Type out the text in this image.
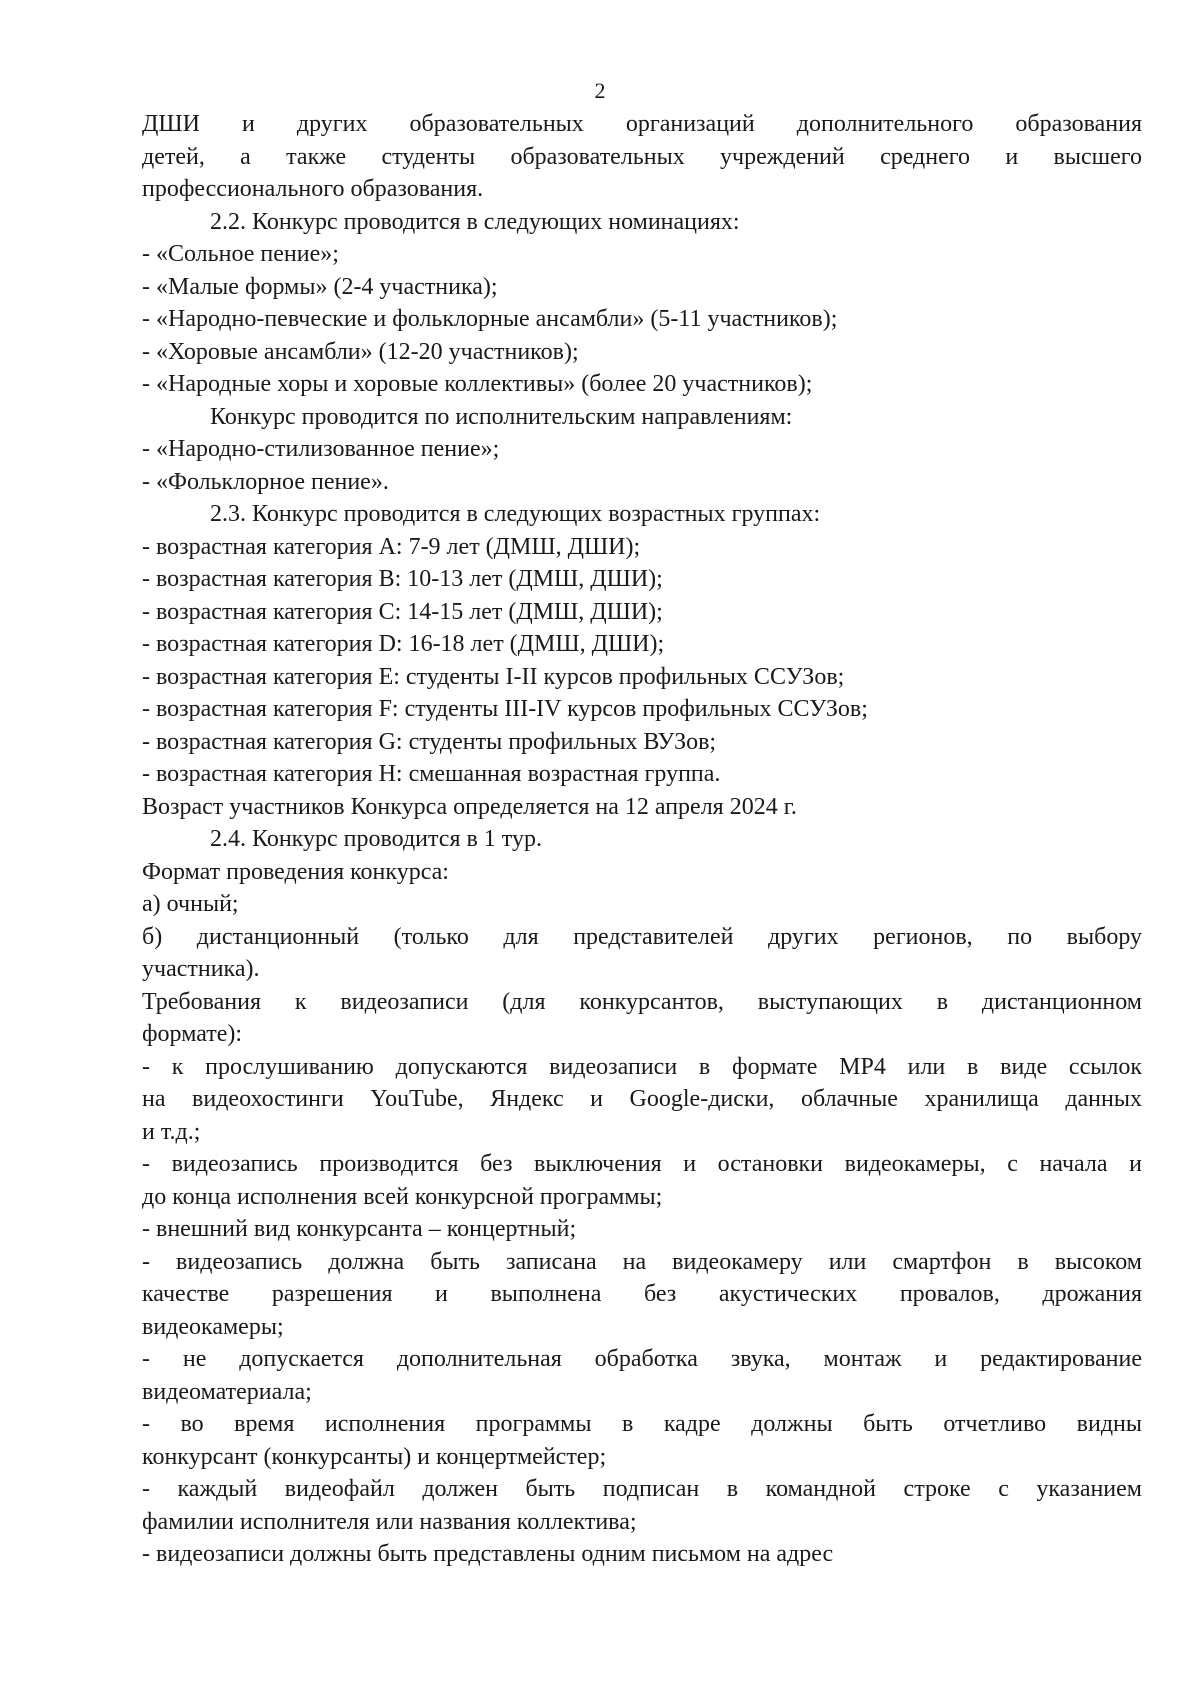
2
ДШИ и других образовательных организаций дополнительного образования
детей, а также студенты образовательных учреждений среднего и высшего
профессионального образования.
2.2. Конкурс проводится в следующих номинациях:
- «Сольное пение»;
- «Малые формы» (2-4 участника);
- «Народно-певческие и фольклорные ансамбли» (5-11 участников);
- «Хоровые ансамбли» (12-20 участников);
- «Народные хоры и хоровые коллективы» (более 20 участников);
Конкурс проводится по исполнительским направлениям:
- «Народно-стилизованное пение»;
- «Фольклорное пение».
2.3. Конкурс проводится в следующих возрастных группах:
- возрастная категория А: 7-9 лет (ДМШ, ДШИ);
- возрастная категория В: 10-13 лет (ДМШ, ДШИ);
- возрастная категория С: 14-15 лет (ДМШ, ДШИ);
- возрастная категория D: 16-18 лет (ДМШ, ДШИ);
- возрастная категория Е: студенты I-II курсов профильных ССУЗов;
- возрастная категория F: студенты III-IV курсов профильных ССУЗов;
- возрастная категория G: студенты профильных ВУЗов;
- возрастная категория Н: смешанная возрастная группа.
Возраст участников Конкурса определяется на 12 апреля 2024 г.
2.4. Конкурс проводится в 1 тур.
Формат проведения конкурса:
а) очный;
б) дистанционный (только для представителей других регионов, по выбору
участника).
Требования к видеозаписи (для конкурсантов, выступающих в дистанционном
формате):
- к прослушиванию допускаются видеозаписи в формате MP4 или в виде ссылок
на видеохостинги YouTube, Яндекс и Google-диски, облачные хранилища данных
и т.д.;
- видеозапись производится без выключения и остановки видеокамеры, с начала и
до конца исполнения всей конкурсной программы;
- внешний вид конкурсанта – концертный;
- видеозапись должна быть записана на видеокамеру или смартфон в высоком
качестве разрешения и выполнена без акустических провалов, дрожания
видеокамеры;
- не допускается дополнительная обработка звука, монтаж и редактирование
видеоматериала;
- во время исполнения программы в кадре должны быть отчетливо видны
конкурсант (конкурсанты) и концертмейстер;
- каждый видеофайл должен быть подписан в командной строке с указанием
фамилии исполнителя или названия коллектива;
- видеозаписи должны быть представлены одним письмом на адрес
